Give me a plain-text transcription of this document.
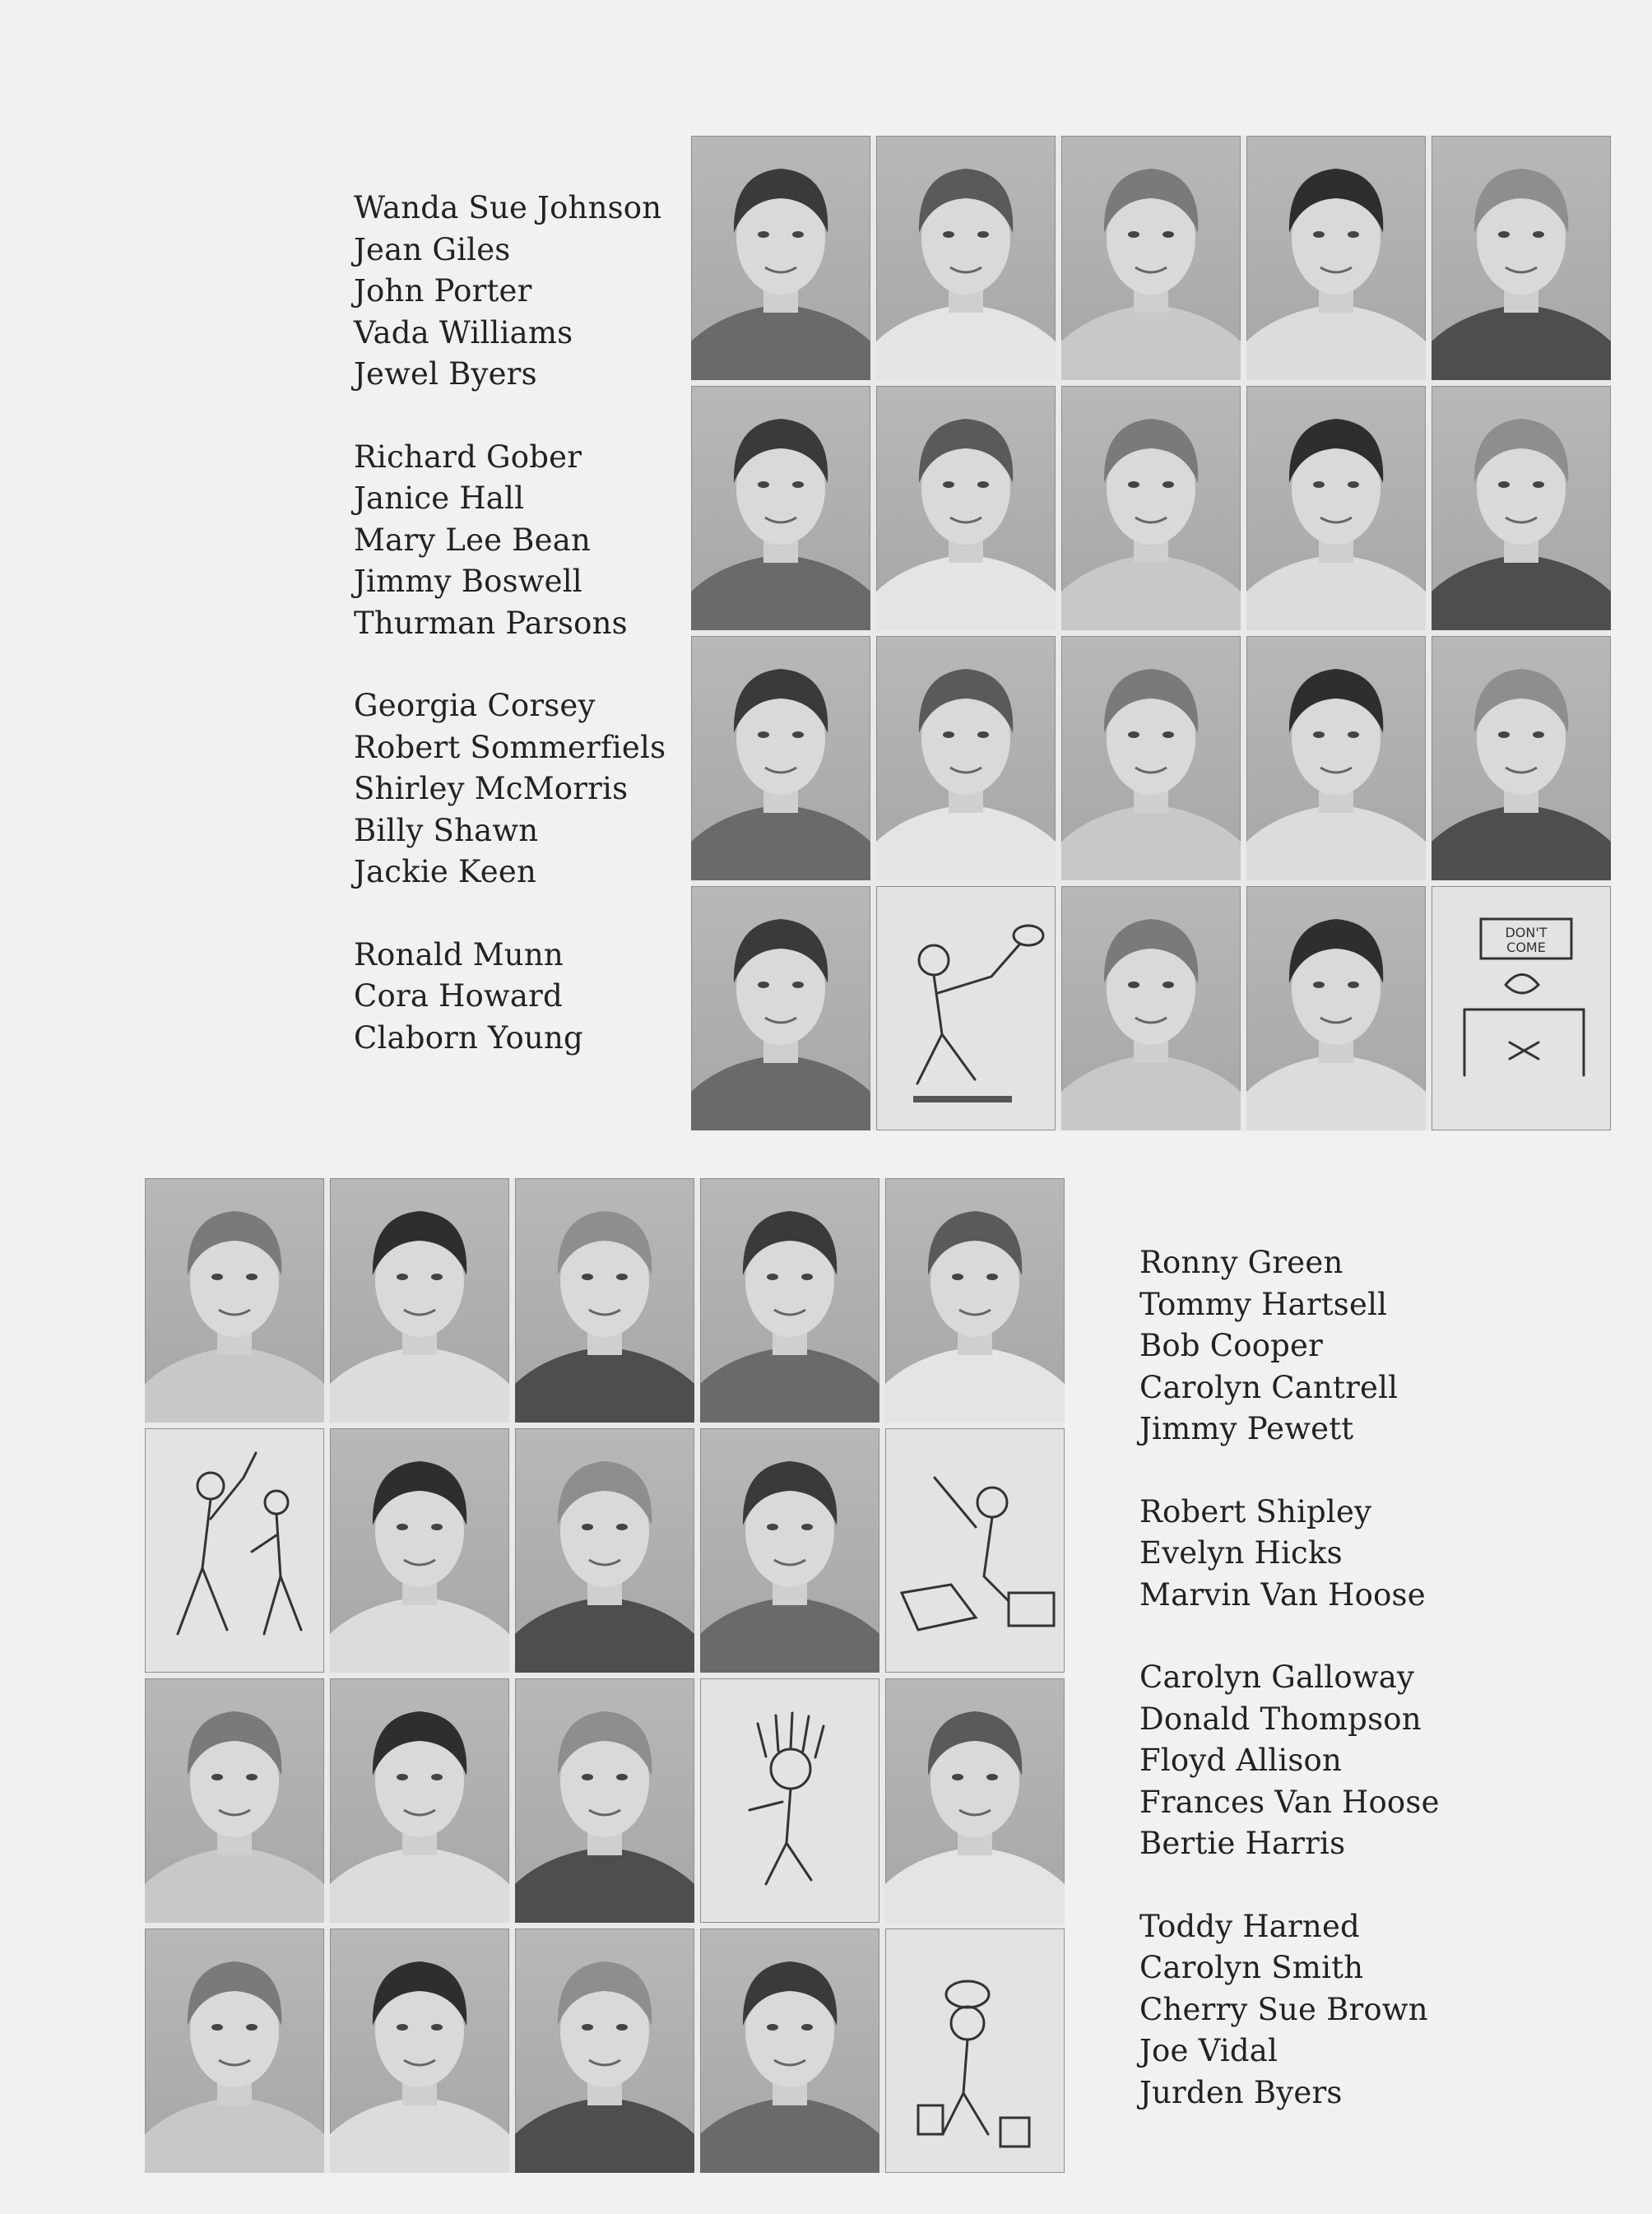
Wanda Sue Johnson
Jean Giles
John Porter
Vada Williams
Jewel Byers
Richard Gober
Janice Hall
Mary Lee Bean
Jimmy Boswell
Thurman Parsons
Georgia Corsey
Robert Sommerfiels
Shirley McMorris
Billy Shawn
Jackie Keen
Ronald Munn
Cora Howard
Claborn Young
DON'T
COME
Ronny Green
Tommy Hartsell
Bob Cooper
Carolyn Cantrell
Jimmy Pewett
Robert Shipley
Evelyn Hicks
Marvin Van Hoose
Carolyn Galloway
Donald Thompson
Floyd Allison
Frances Van Hoose
Bertie Harris
Toddy Harned
Carolyn Smith
Cherry Sue Brown
Joe Vidal
Jurden Byers
